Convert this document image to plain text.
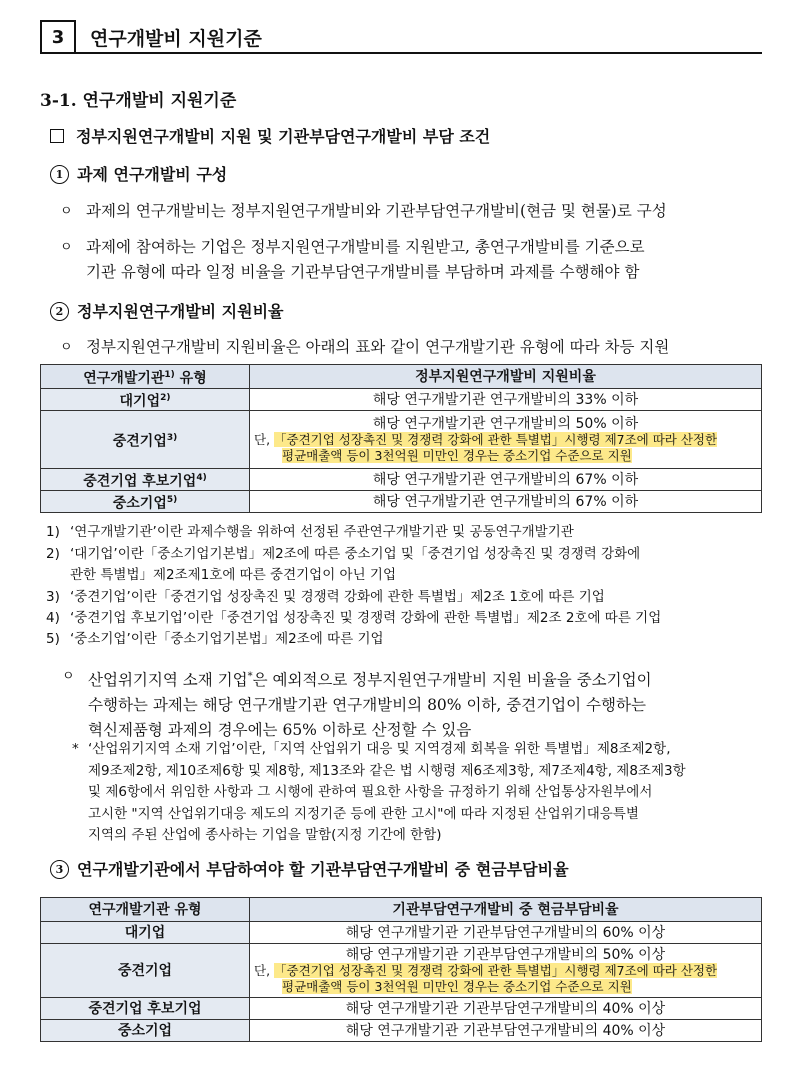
3	연구개발비 지원기준
3-1. 연구개발비 지원기준
정부지원연구개발비 지원 및 기관부담연구개발비 부담 조건
1 과제 연구개발비 구성
ㅇ 과제의 연구개발비는 정부지원연구개발비와 기관부담연구개발비(현금 및 현물)로 구성
ㅇ 과제에 참여하는 기업은 정부지원연구개발비를 지원받고, 총연구개발비를 기준으로
기관 유형에 따라 일정 비율을 기관부담연구개발비를 부담하며 과제를 수행해야 함
2 정부지원연구개발비 지원비율
ㅇ 정부지원연구개발비 지원비율은 아래의 표와 같이 연구개발기관 유형에 따라 차등 지원
연구개발기관$^{1)}$ 유형	정부지원연구개발비 지원비율
대기업$^{2)}$	해당 연구개발기관 연구개발비의 33% 이하
중견기업$^{3)}$	해당 연구개발기관 연구개발비의 50% 이하
단, 「중견기업 성장촉진 및 경쟁력 강화에 관한 특별법」시행령 제7조에 따라 산정한
평균매출액 등이 3천억원 미만인 경우는 중소기업 수준으로 지원

중견기업 후보기업$^{4)}$	해당 연구개발기관 연구개발비의 67% 이하
중소기업$^{5)}$	해당 연구개발기관 연구개발비의 67% 이하
1) ‘연구개발기관’이란 과제수행을 위하여 선정된 주관연구개발기관 및 공동연구개발기관
2) ‘대기업’이란「중소기업기본법」제2조에 따른 중소기업 및「중견기업 성장촉진 및 경쟁력 강화에
관한 특별법」제2조제1호에 따른 중견기업이 아닌 기업
3) ‘중견기업’이란「중견기업 성장촉진 및 경쟁력 강화에 관한 특별법」제2조 1호에 따른 기업
4) ‘중견기업 후보기업’이란「중견기업 성장촉진 및 경쟁력 강화에 관한 특별법」제2조 2호에 따른 기업
5) ‘중소기업’이란「중소기업기본법」제2조에 따른 기업
ㅇ 산업위기지역 소재 기업*은 예외적으로 정부지원연구개발비 지원 비율을 중소기업이
수행하는 과제는 해당 연구개발기관 연구개발비의 80% 이하, 중견기업이 수행하는
혁신제품형 과제의 경우에는 65% 이하로 산정할 수 있음
* ‘산업위기지역 소재 기업’이란,「지역 산업위기 대응 및 지역경제 회복을 위한 특별법」제8조제2항,
제9조제2항, 제10조제6항 및 제8항, 제13조와 같은 법 시행령 제6조제3항, 제7조제4항, 제8조제3항
및 제6항에서 위임한 사항과 그 시행에 관하여 필요한 사항을 규정하기 위해 산업통상자원부에서
고시한 "지역 산업위기대응 제도의 지정기준 등에 관한 고시"에 따라 지정된 산업위기대응특별
지역의 주된 산업에 종사하는 기업을 말함(지정 기간에 한함)
3 연구개발기관에서 부담하여야 할 기관부담연구개발비 중 현금부담비율
연구개발기관 유형	기관부담연구개발비 중 현금부담비율
대기업	해당 연구개발기관 기관부담연구개발비의 60% 이상
중견기업	해당 연구개발기관 기관부담연구개발비의 50% 이상
단, 「중견기업 성장촉진 및 경쟁력 강화에 관한 특별법」시행령 제7조에 따라 산정한
평균매출액 등이 3천억원 미만인 경우는 중소기업 수준으로 지원

중견기업 후보기업	해당 연구개발기관 기관부담연구개발비의 40% 이상
중소기업	해당 연구개발기관 기관부담연구개발비의 40% 이상
